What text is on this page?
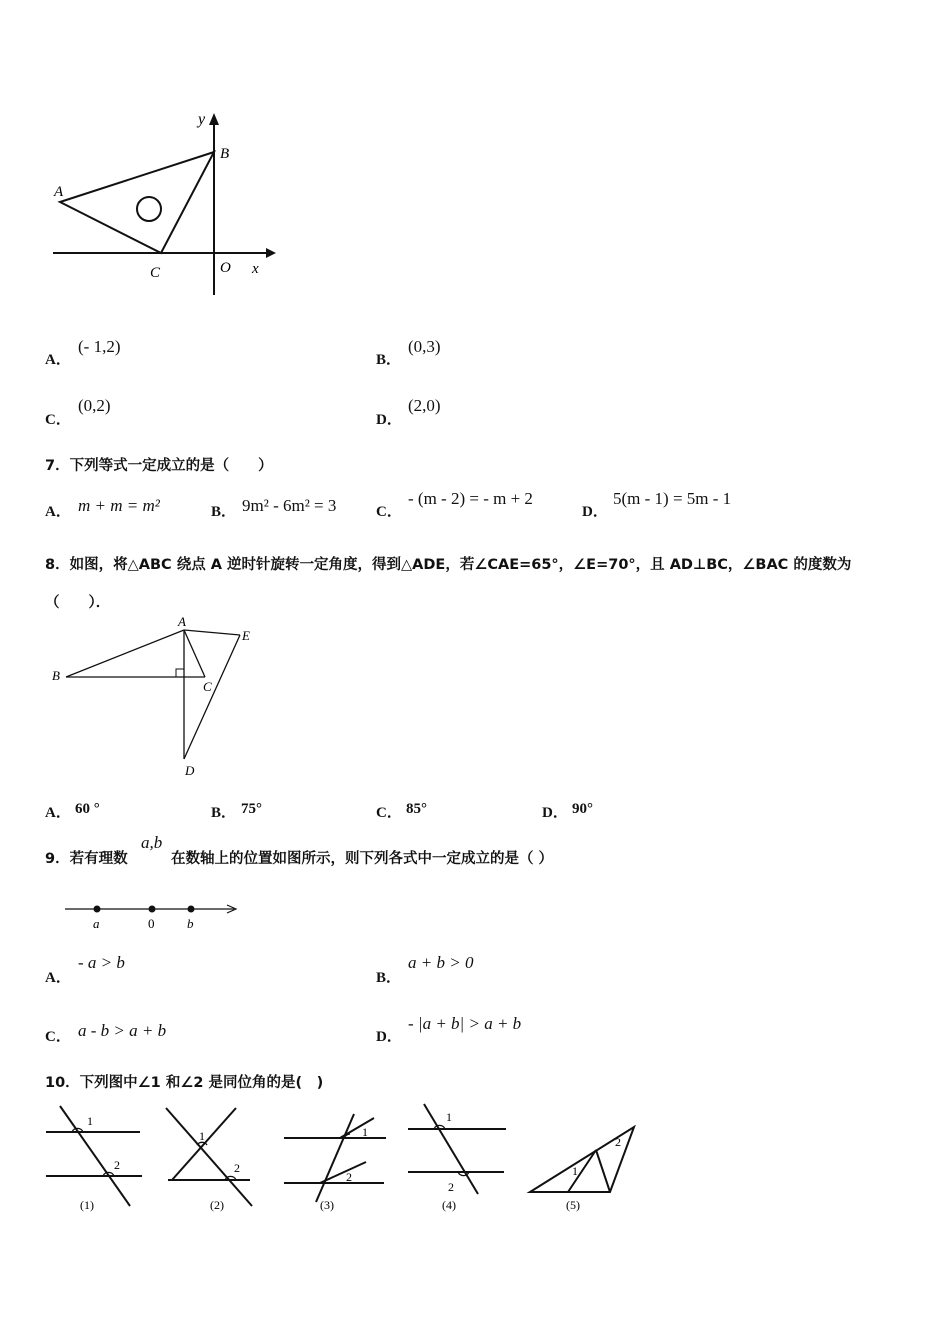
y
x
O
A
B
C
A．
(- 1,2)
B．
(0,3)
C．
(0,2)
D．
(2,0)
7．下列等式一定成立的是（　　）
A． m + m = m²	B． 9m² - 6m² = 3	C．
- (m - 2) = - m + 2
D．
5(m - 1) = 5m - 1
8．如图，将△ABC 绕点 A 逆时针旋转一定角度，得到△ADE，若∠CAE=65°，∠E=70°，且 AD⊥BC，∠BAC 的度数为（　　）．
A
B
C
D
E
A． 60 °	B． 75°	C． 85°	D． 90°
9．若有理数
a,b
在数轴上的位置如图所示，则下列各式中一定成立的是（ ）
a	0	b
A．
- a > b
B．
a + b > 0
C． a - b > a + b	D．
- |a + b| > a + b
10．下列图中∠1 和∠2 是同位角的是(　)
1
2
(1)
1
2
(2)
1
2
(3)
1
2
(4)
1
2
(5)
